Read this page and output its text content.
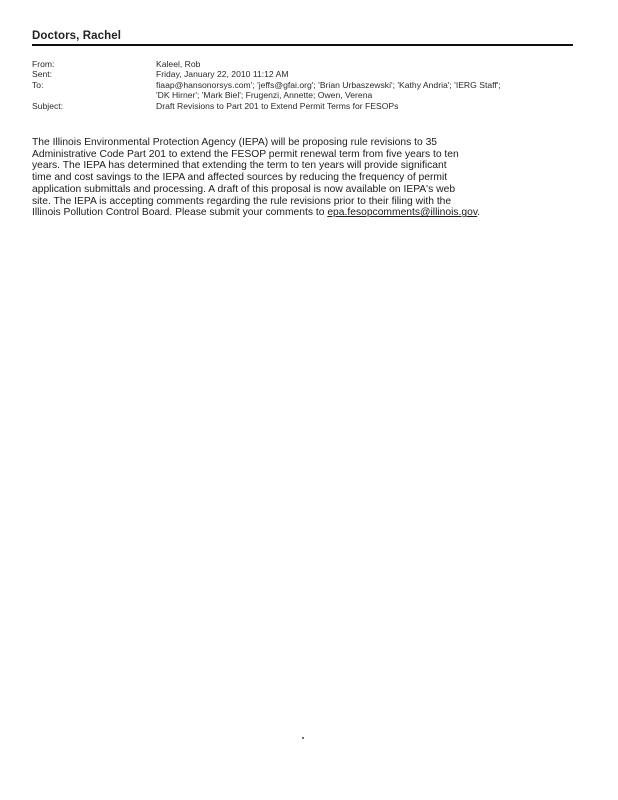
Doctors, Rachel
From:	Kaleel, Rob
Sent:	Friday, January 22, 2010 11:12 AM
To:	fiaap@hansonorsys.com'; 'jeffs@gfai.org'; 'Brian Urbaszewski'; 'Kathy Andria'; 'IERG Staff';
'DK Hirner'; 'Mark Biel'; Frugenzi, Annette; Owen, Verena
Subject:	Draft Revisions to Part 201 to Extend Permit Terms for FESOPs
The Illinois Environmental Protection Agency (IEPA) will be proposing rule revisions to 35
Administrative Code Part 201 to extend the FESOP permit renewal term from five years to ten
years. The IEPA has determined that extending the term to ten years will provide significant
time and cost savings to the IEPA and affected sources by reducing the frequency of permit
application submittals and processing. A draft of this proposal is now available on IEPA's web
site. The IEPA is accepting comments regarding the rule revisions prior to their filing with the
Illinois Pollution Control Board. Please submit your comments to epa.fesopcomments@illinois.gov.
